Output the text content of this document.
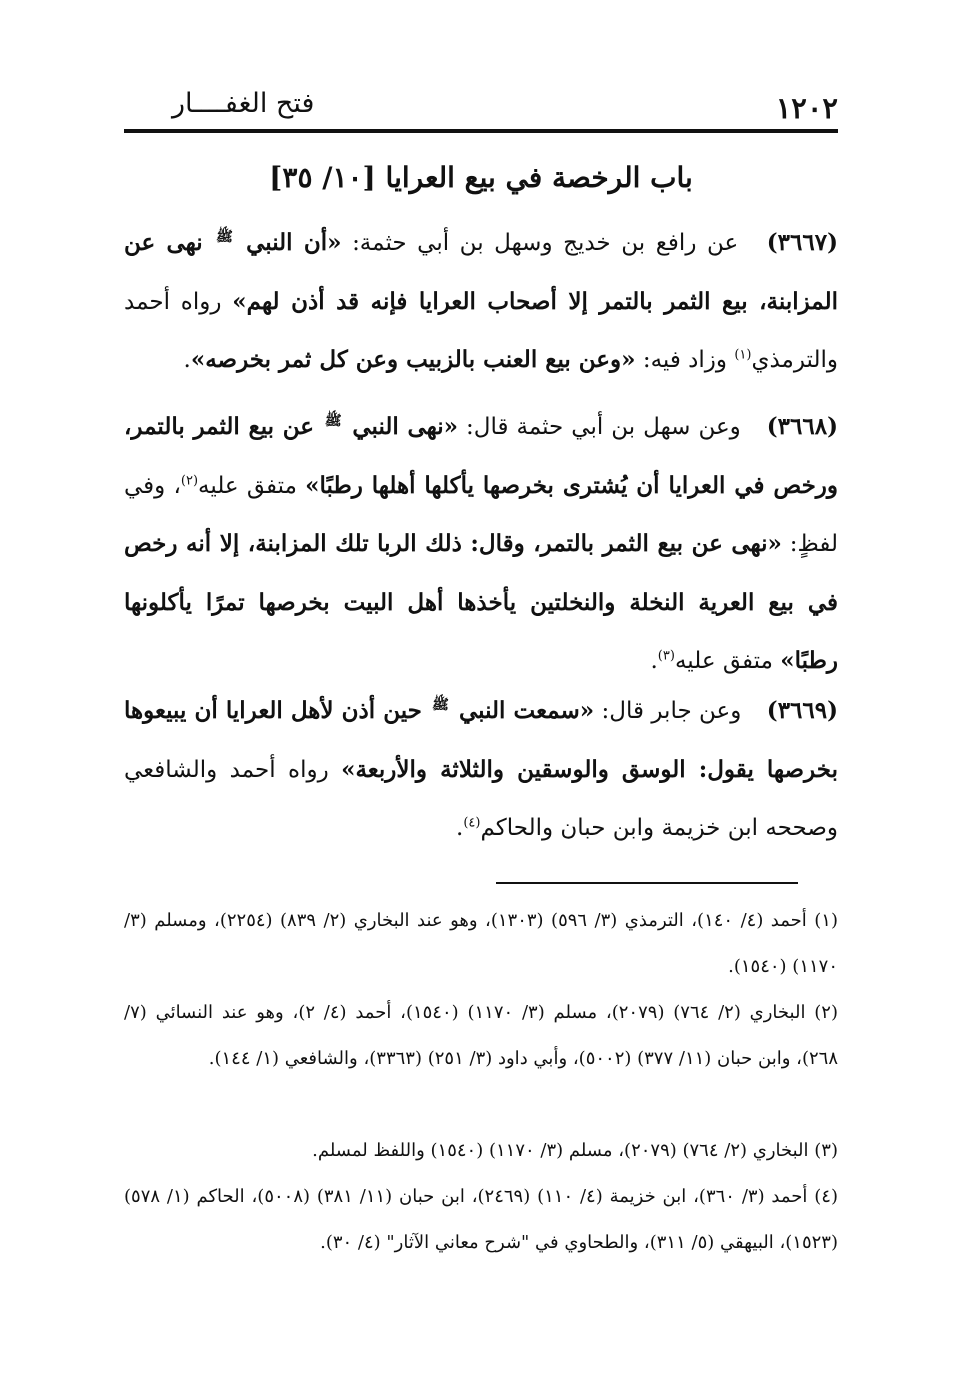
فتح الغفــــار	١٢٠٢
[١٠/ ٣٥] باب الرخصة في بيع العرايا
(٣٦٦٧) عن رافع بن خديج وسهل بن أبي حثمة: «أن النبي $^ﷺ$ نهى عن المزابنة، بيع الثمر بالتمر إلا أصحاب العرايا فإنه قد أذن لهم» رواه أحمد والترمذي$^{(١)}$ وزاد فيه: «وعن بيع العنب بالزبيب وعن كل ثمر بخرصه».
(٣٦٦٨) وعن سهل بن أبي حثمة قال: «نهى النبي $^ﷺ$ عن بيع الثمر بالتمر، ورخص في العرايا أن يُشترى بخرصها يأكلها أهلها رطبًا» متفق عليه$^{(٢)}$، وفي لفظٍ: «نهى عن بيع الثمر بالتمر، وقال: ذلك الربا تلك المزابنة، إلا أنه رخص في بيع العرية النخلة والنخلتين يأخذها أهل البيت بخرصها تمرًا يأكلونها رطبًا» متفق عليه$^{(٣)}$.
(٣٦٦٩) وعن جابر قال: «سمعت النبي $^ﷺ$ حين أذن لأهل العرايا أن يبيعوها بخرصها يقول: الوسق والوسقين والثلاثة والأربعة» رواه أحمد والشافعي وصححه ابن خزيمة وابن حبان والحاكم$^{(٤)}$.
(١) أحمد (٤/ ١٤٠)، الترمذي (٣/ ٥٩٦) (١٣٠٣)، وهو عند البخاري (٢/ ٨٣٩) (٢٢٥٤)، ومسلم (٣/ ١١٧٠) (١٥٤٠).
(٢) البخاري (٢/ ٧٦٤) (٢٠٧٩)، مسلم (٣/ ١١٧٠) (١٥٤٠)، أحمد (٤/ ٢)، وهو عند النسائي (٧/ ٢٦٨)، وابن حبان (١١/ ٣٧٧) (٥٠٠٢)، وأبي داود (٣/ ٢٥١) (٣٣٦٣)، والشافعي (١/ ١٤٤).
(٣) البخاري (٢/ ٧٦٤) (٢٠٧٩)، مسلم (٣/ ١١٧٠) (١٥٤٠) واللفظ لمسلم.
(٤) أحمد (٣/ ٣٦٠)، ابن خزيمة (٤/ ١١٠) (٢٤٦٩)، ابن حبان (١١/ ٣٨١) (٥٠٠٨)، الحاكم (١/ ٥٧٨) (١٥٢٣)، البيهقي (٥/ ٣١١)، والطحاوي في "شرح معاني الآثار" (٤/ ٣٠).
